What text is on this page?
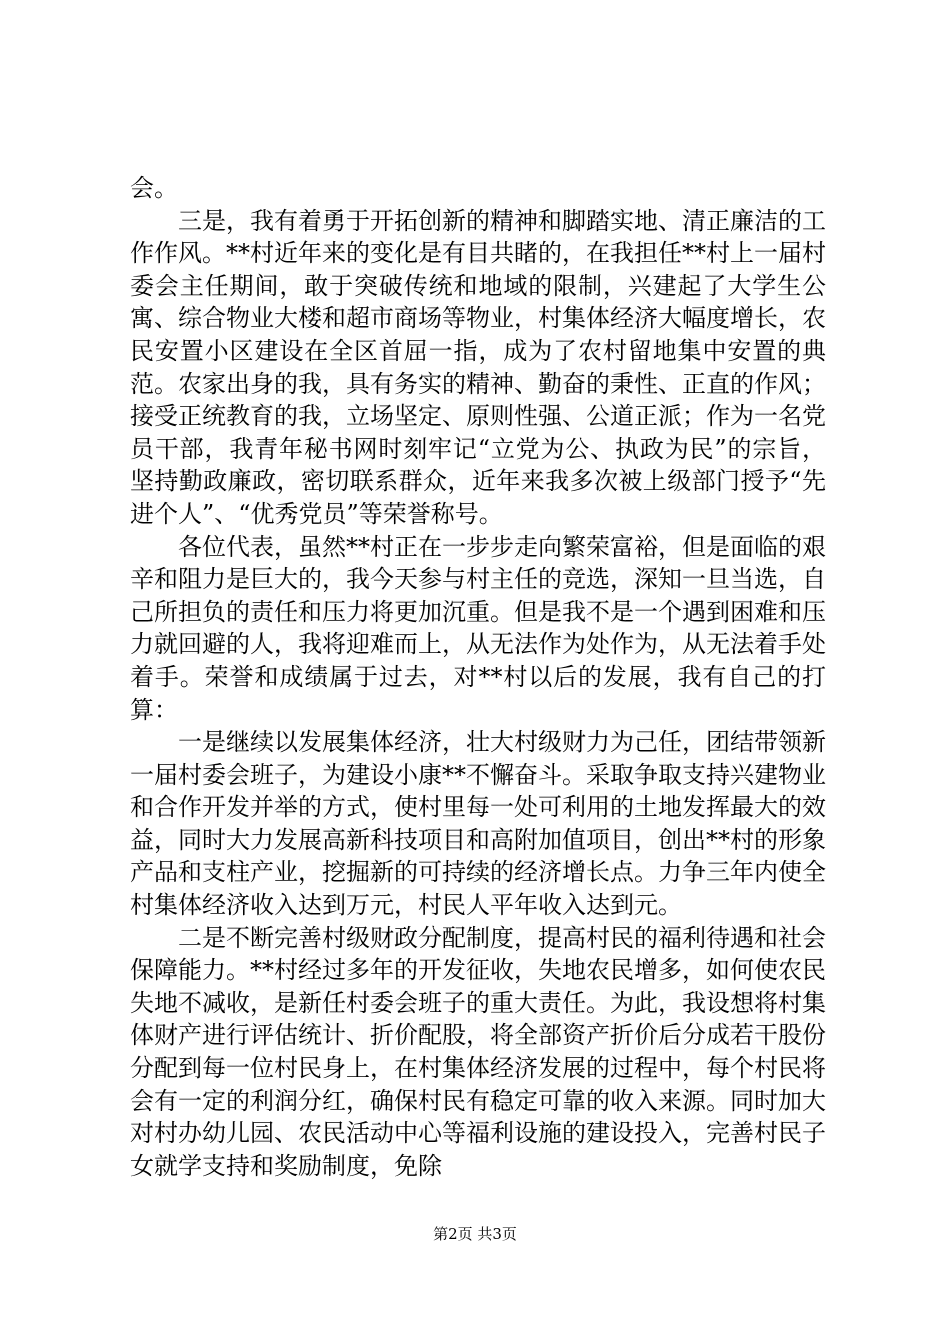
会。

三是，我有着勇于开拓创新的精神和脚踏实地、清正廉洁的工作作风。**村近年来的变化是有目共睹的，在我担任**村上一届村委会主任期间，敢于突破传统和地域的限制，兴建起了大学生公寓、综合物业大楼和超市商场等物业，村集体经济大幅度增长，农民安置小区建设在全区首屈一指，成为了农村留地集中安置的典范。农家出身的我，具有务实的精神、勤奋的秉性、正直的作风；接受正统教育的我，立场坚定、原则性强、公道正派；作为一名党员干部，我青年秘书网时刻牢记“立党为公、执政为民”的宗旨，坚持勤政廉政，密切联系群众，近年来我多次被上级部门授予“先进个人”、“优秀党员”等荣誉称号。

各位代表，虽然**村正在一步步走向繁荣富裕，但是面临的艰辛和阻力是巨大的，我今天参与村主任的竞选，深知一旦当选，自己所担负的责任和压力将更加沉重。但是我不是一个遇到困难和压力就回避的人，我将迎难而上，从无法作为处作为，从无法着手处着手。荣誉和成绩属于过去，对**村以后的发展，我有自己的打算：

一是继续以发展集体经济，壮大村级财力为己任，团结带领新一届村委会班子，为建设小康**不懈奋斗。采取争取支持兴建物业和合作开发并举的方式，使村里每一处可利用的土地发挥最大的效益，同时大力发展高新科技项目和高附加值项目，创出**村的形象产品和支柱产业，挖掘新的可持续的经济增长点。力争三年内使全村集体经济收入达到万元，村民人平年收入达到元。

二是不断完善村级财政分配制度，提高村民的福利待遇和社会保障能力。**村经过多年的开发征收，失地农民增多，如何使农民失地不减收，是新任村委会班子的重大责任。为此，我设想将村集体财产进行评估统计、折价配股，将全部资产折价后分成若干股份分配到每一位村民身上，在村集体经济发展的过程中，每个村民将会有一定的利润分红，确保村民有稳定可靠的收入来源。同时加大对村办幼儿园、农民活动中心等福利设施的建设投入，完善村民子女就学支持和奖励制度，免除

第2页 共3页
